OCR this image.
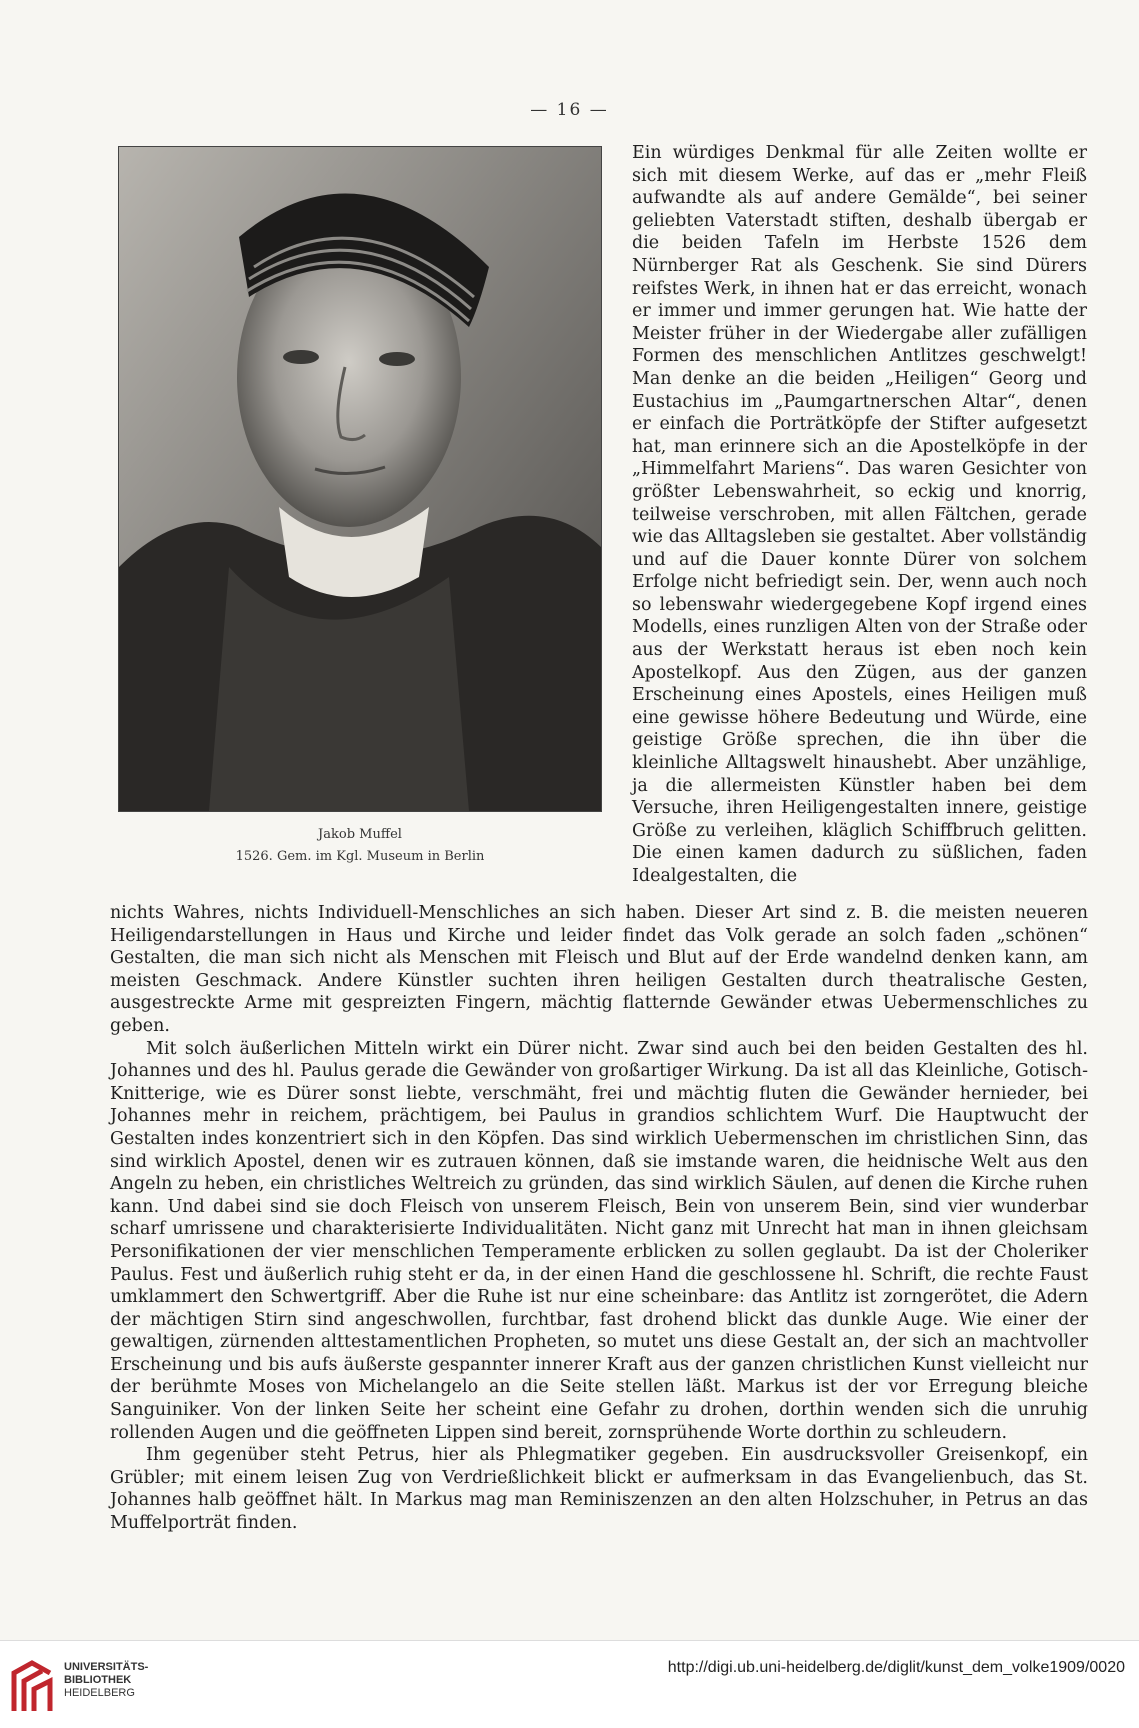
— 16 —
Jakob Muffel
1526. Gem. im Kgl. Museum in Berlin

Ein würdiges Denkmal für alle Zeiten wollte er sich mit diesem Werke, auf das er „mehr Fleiß aufwandte als auf andere Gemälde“, bei seiner geliebten Vaterstadt stiften, deshalb übergab er die beiden Tafeln im Herbste 1526 dem Nürnberger Rat als Geschenk. Sie sind Dürers reifstes Werk, in ihnen hat er das erreicht, wonach er immer und immer gerungen hat. Wie hatte der Meister früher in der Wiedergabe aller zufälligen Formen des menschlichen Antlitzes geschwelgt! Man denke an die beiden „Heiligen“ Georg und Eustachius im „Paumgartnerschen Altar“, denen er einfach die Porträtköpfe der Stifter aufgesetzt hat, man erinnere sich an die Apostelköpfe in der „Himmelfahrt Mariens“. Das waren Gesichter von größter Lebenswahrheit, so eckig und knorrig, teilweise verschroben, mit allen Fältchen, gerade wie das Alltagsleben sie gestaltet. Aber vollständig und auf die Dauer konnte Dürer von solchem Erfolge nicht befriedigt sein. Der, wenn auch noch so lebenswahr wiedergegebene Kopf irgend eines Modells, eines runzligen Alten von der Straße oder aus der Werkstatt heraus ist eben noch kein Apostelkopf. Aus den Zügen, aus der ganzen Erscheinung eines Apostels, eines Heiligen muß eine gewisse höhere Bedeutung und Würde, eine geistige Größe sprechen, die ihn über die kleinliche Alltagswelt hinaushebt. Aber unzählige, ja die allermeisten Künstler haben bei dem Versuche, ihren Heiligengestalten innere, geistige Größe zu verleihen, kläglich Schiffbruch gelitten. Die einen kamen dadurch zu süßlichen, faden Idealgestalten, die

nichts Wahres, nichts Individuell-Menschliches an sich haben. Dieser Art sind z. B. die meisten neueren Heiligendarstellungen in Haus und Kirche und leider findet das Volk gerade an solch faden „schönen“ Gestalten, die man sich nicht als Menschen mit Fleisch und Blut auf der Erde wandelnd denken kann, am meisten Geschmack. Andere Künstler suchten ihren heiligen Gestalten durch theatralische Gesten, ausgestreckte Arme mit gespreizten Fingern, mächtig flatternde Gewänder etwas Uebermenschliches zu geben.

Mit solch äußerlichen Mitteln wirkt ein Dürer nicht. Zwar sind auch bei den beiden Gestalten des hl. Johannes und des hl. Paulus gerade die Gewänder von großartiger Wirkung. Da ist all das Kleinliche, Gotisch-Knitterige, wie es Dürer sonst liebte, verschmäht, frei und mächtig fluten die Gewänder hernieder, bei Johannes mehr in reichem, prächtigem, bei Paulus in grandios schlichtem Wurf. Die Hauptwucht der Gestalten indes konzentriert sich in den Köpfen. Das sind wirklich Uebermenschen im christlichen Sinn, das sind wirklich Apostel, denen wir es zutrauen können, daß sie imstande waren, die heidnische Welt aus den Angeln zu heben, ein christliches Weltreich zu gründen, das sind wirklich Säulen, auf denen die Kirche ruhen kann. Und dabei sind sie doch Fleisch von unserem Fleisch, Bein von unserem Bein, sind vier wunderbar scharf umrissene und charakterisierte Individualitäten. Nicht ganz mit Unrecht hat man in ihnen gleichsam Personifikationen der vier menschlichen Temperamente erblicken zu sollen geglaubt. Da ist der Choleriker Paulus. Fest und äußerlich ruhig steht er da, in der einen Hand die geschlossene hl. Schrift, die rechte Faust umklammert den Schwertgriff. Aber die Ruhe ist nur eine scheinbare: das Antlitz ist zorngerötet, die Adern der mächtigen Stirn sind angeschwollen, furchtbar, fast drohend blickt das dunkle Auge. Wie einer der gewaltigen, zürnenden alttestamentlichen Propheten, so mutet uns diese Gestalt an, der sich an machtvoller Erscheinung und bis aufs äußerste gespannter innerer Kraft aus der ganzen christlichen Kunst vielleicht nur der berühmte Moses von Michelangelo an die Seite stellen läßt. Markus ist der vor Erregung bleiche Sanguiniker. Von der linken Seite her scheint eine Gefahr zu drohen, dorthin wenden sich die unruhig rollenden Augen und die geöffneten Lippen sind bereit, zornsprühende Worte dorthin zu schleudern.

Ihm gegenüber steht Petrus, hier als Phlegmatiker gegeben. Ein ausdrucksvoller Greisenkopf, ein Grübler; mit einem leisen Zug von Verdrießlichkeit blickt er aufmerksam in das Evangelienbuch, das St. Johannes halb geöffnet hält. In Markus mag man Reminiszenzen an den alten Holzschuher, in Petrus an das Muffelporträt finden.

UNIVERSITÄTS-
BIBLIOTHEK
HEIDELBERG
http://digi.ub.uni-heidelberg.de/diglit/kunst_dem_volke1909/0020
